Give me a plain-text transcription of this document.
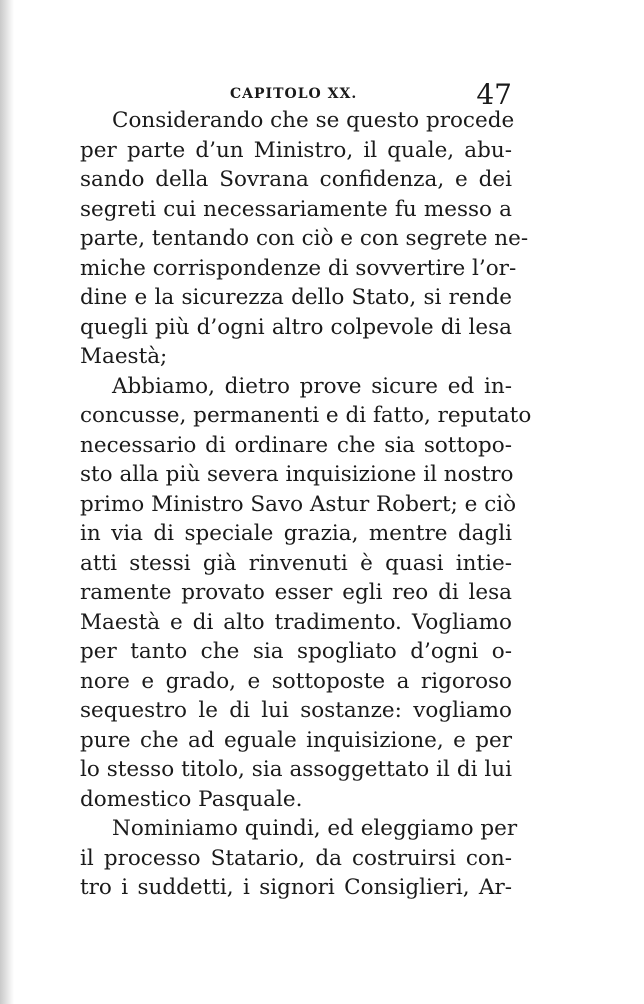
CAPITOLO XX.	47
Considerando che se questo procede
per parte d’un Ministro, il quale, abu-
sando della Sovrana confidenza, e dei
segreti cui necessariamente fu messo a
parte, tentando con ciò e con segrete ne-
miche corrispondenze di sovvertire l’or-
dine e la sicurezza dello Stato, si rende
quegli più d’ogni altro colpevole di lesa
Maestà;
Abbiamo, dietro prove sicure ed in-
concusse, permanenti e di fatto, reputato
necessario di ordinare che sia sottopo-
sto alla più severa inquisizione il nostro
primo Ministro Savo Astur Robert; e ciò
in via di speciale grazia, mentre dagli
atti stessi già rinvenuti è quasi intie-
ramente provato esser egli reo di lesa
Maestà e di alto tradimento. Vogliamo
per tanto che sia spogliato d’ogni o-
nore e grado, e sottoposte a rigoroso
sequestro le di lui sostanze: vogliamo
pure che ad eguale inquisizione, e per
lo stesso titolo, sia assoggettato il di lui
domestico Pasquale.
Nominiamo quindi, ed eleggiamo per
il processo Statario, da costruirsi con-
tro i suddetti, i signori Consiglieri, Ar-
